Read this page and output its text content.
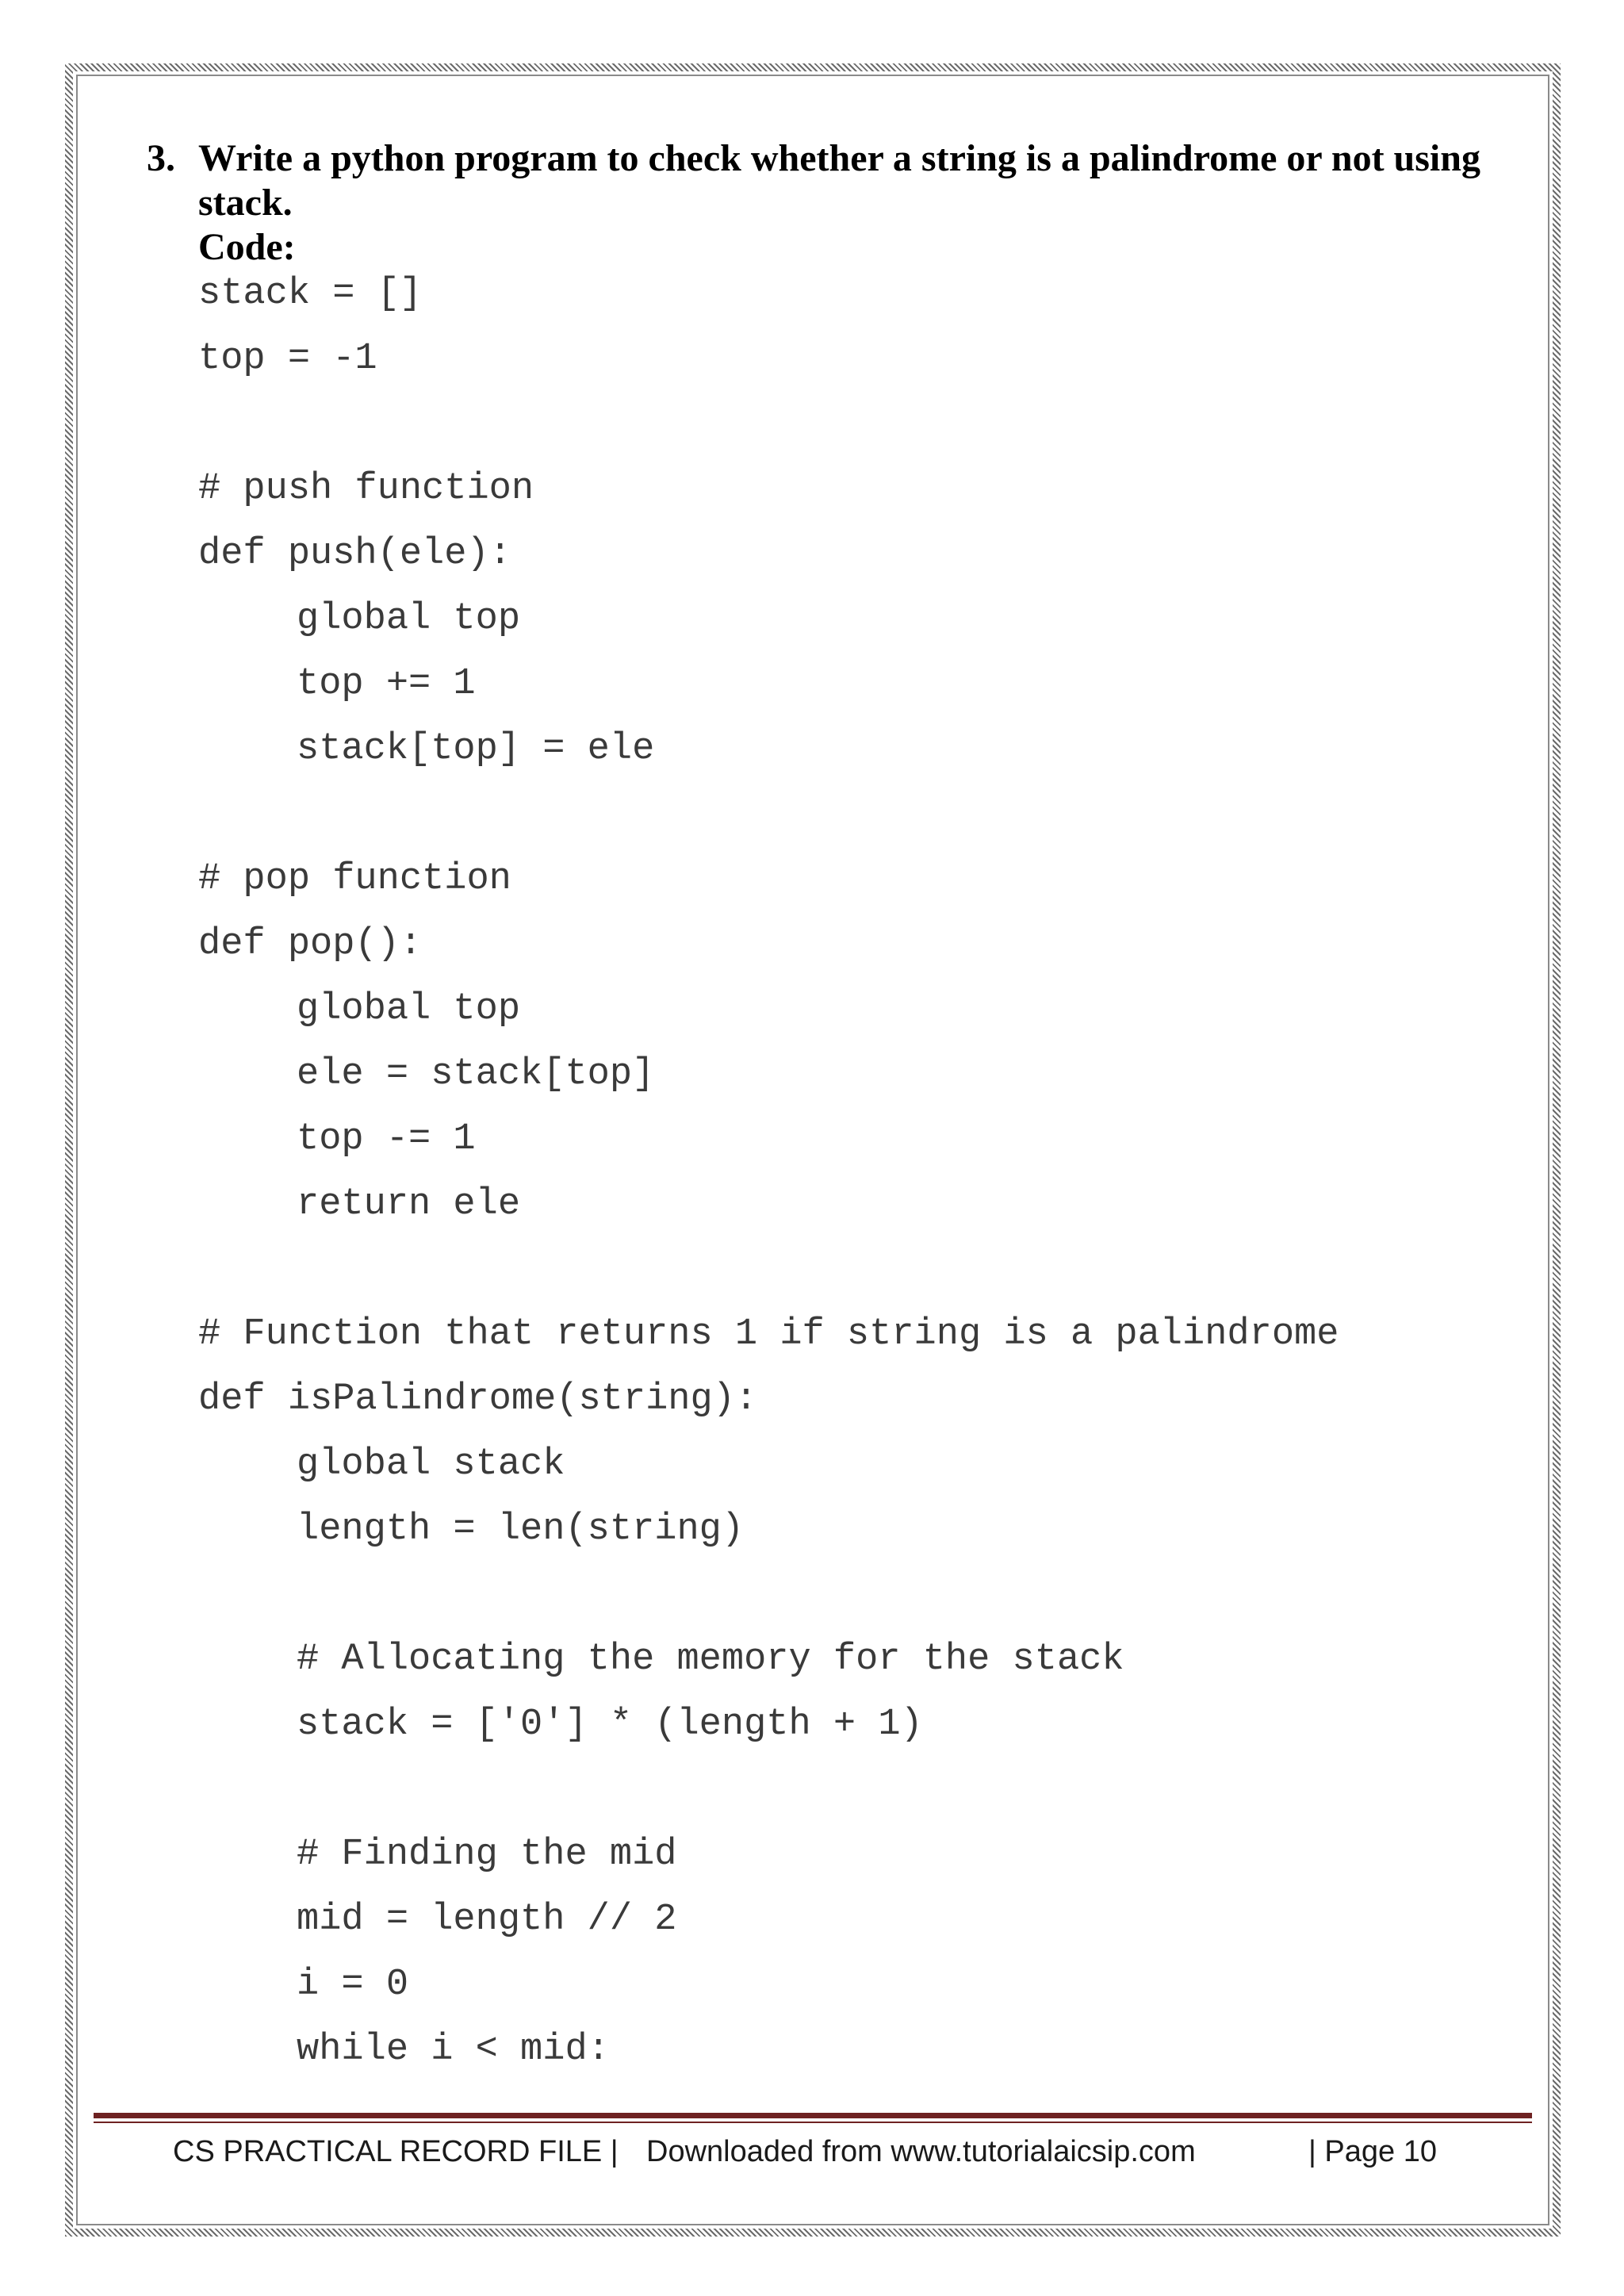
3. Write a python program to check whether a string is a palindrome or not using stack.
Code:
stack = []
top = -1
# push function
def push(ele):
global top
top += 1
stack[top] = ele
# pop function
def pop():
global top
ele = stack[top]
top -= 1
return ele
# Function that returns 1 if string is a palindrome
def isPalindrome(string):
global stack
length = len(string)
# Allocating the memory for the stack
stack = ['0'] * (length + 1)
# Finding the mid
mid = length // 2
i = 0
while i < mid:
CS PRACTICAL RECORD FILE | Downloaded from www.tutorialaicsip.com	| Page 10
